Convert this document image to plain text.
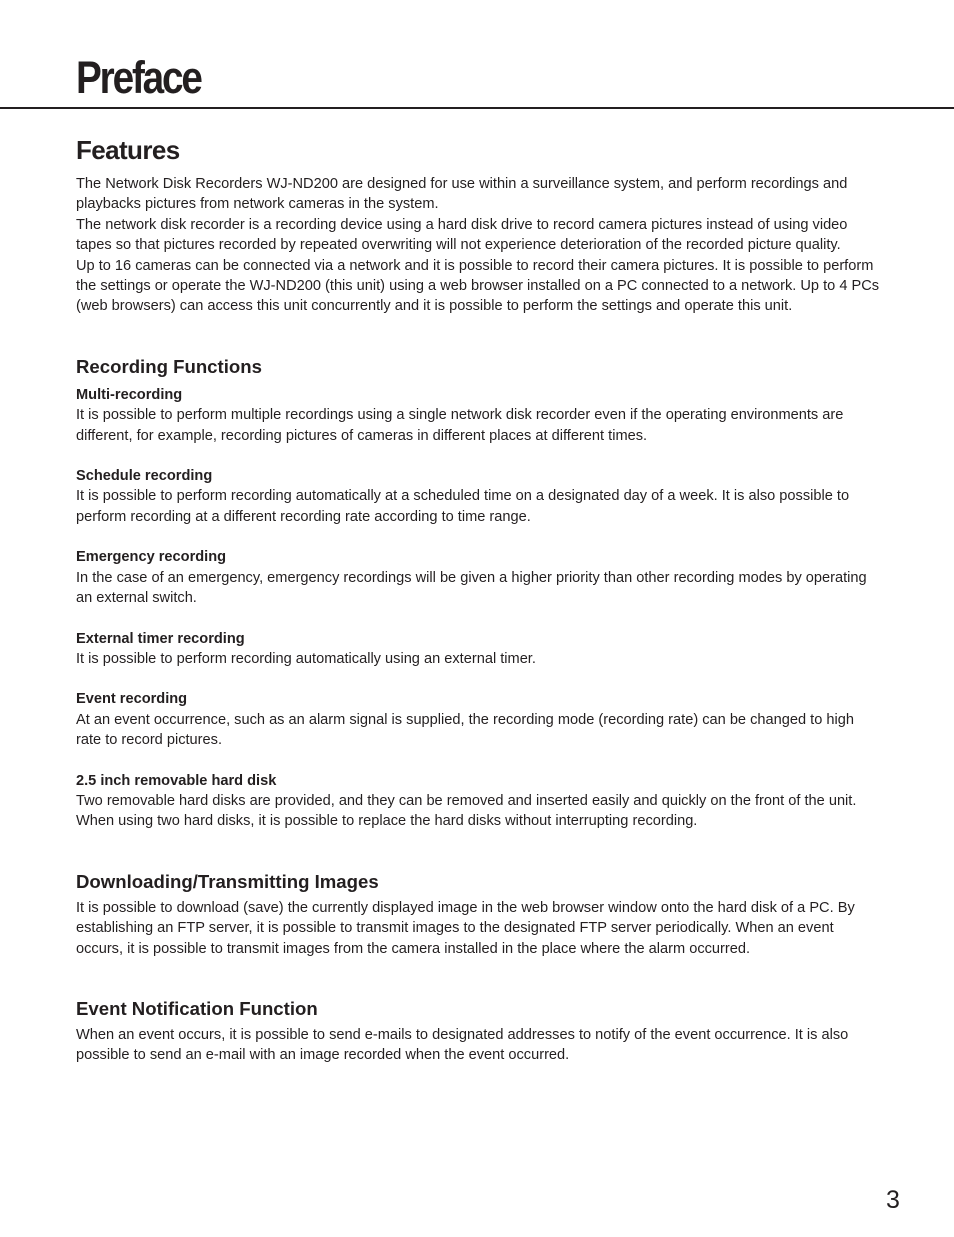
Preface
Features

The Network Disk Recorders WJ-ND200 are designed for use within a surveillance system, and perform recordings and playbacks pictures from network cameras in the system.

The network disk recorder is a recording device using a hard disk drive to record camera pictures instead of using video tapes so that pictures recorded by repeated overwriting will not experience deterioration of the recorded picture quality.

Up to 16 cameras can be connected via a network and it is possible to record their camera pictures. It is possible to perform the settings or operate the WJ-ND200 (this unit) using a web browser installed on a PC connected to a network. Up to 4 PCs (web browsers) can access this unit concurrently and it is possible to perform the settings and operate this unit.

Recording Functions
Multi-recording

It is possible to perform multiple recordings using a single network disk recorder even if the operating environments are different, for example, recording pictures of cameras in different places at different times.

Schedule recording

It is possible to perform recording automatically at a scheduled time on a designated day of a week. It is also possible to perform recording at a different recording rate according to time range.

Emergency recording

In the case of an emergency, emergency recordings will be given a higher priority than other recording modes by operating an external switch.

External timer recording

It is possible to perform recording automatically using an external timer.

Event recording

At an event occurrence, such as an alarm signal is supplied, the recording mode (recording rate) can be changed to high rate to record pictures.

2.5 inch removable hard disk

Two removable hard disks are provided, and they can be removed and inserted easily and quickly on the front of the unit.

When using two hard disks, it is possible to replace the hard disks without interrupting recording.

Downloading/Transmitting Images

It is possible to download (save) the currently displayed image in the web browser window onto the hard disk of a PC. By establishing an FTP server, it is possible to transmit images to the designated FTP server periodically. When an event occurs, it is possible to transmit images from the camera installed in the place where the alarm occurred.

Event Notification Function

When an event occurs, it is possible to send e-mails to designated addresses to notify of the event occurrence. It is also possible to send an e-mail with an image recorded when the event occurred.

3
